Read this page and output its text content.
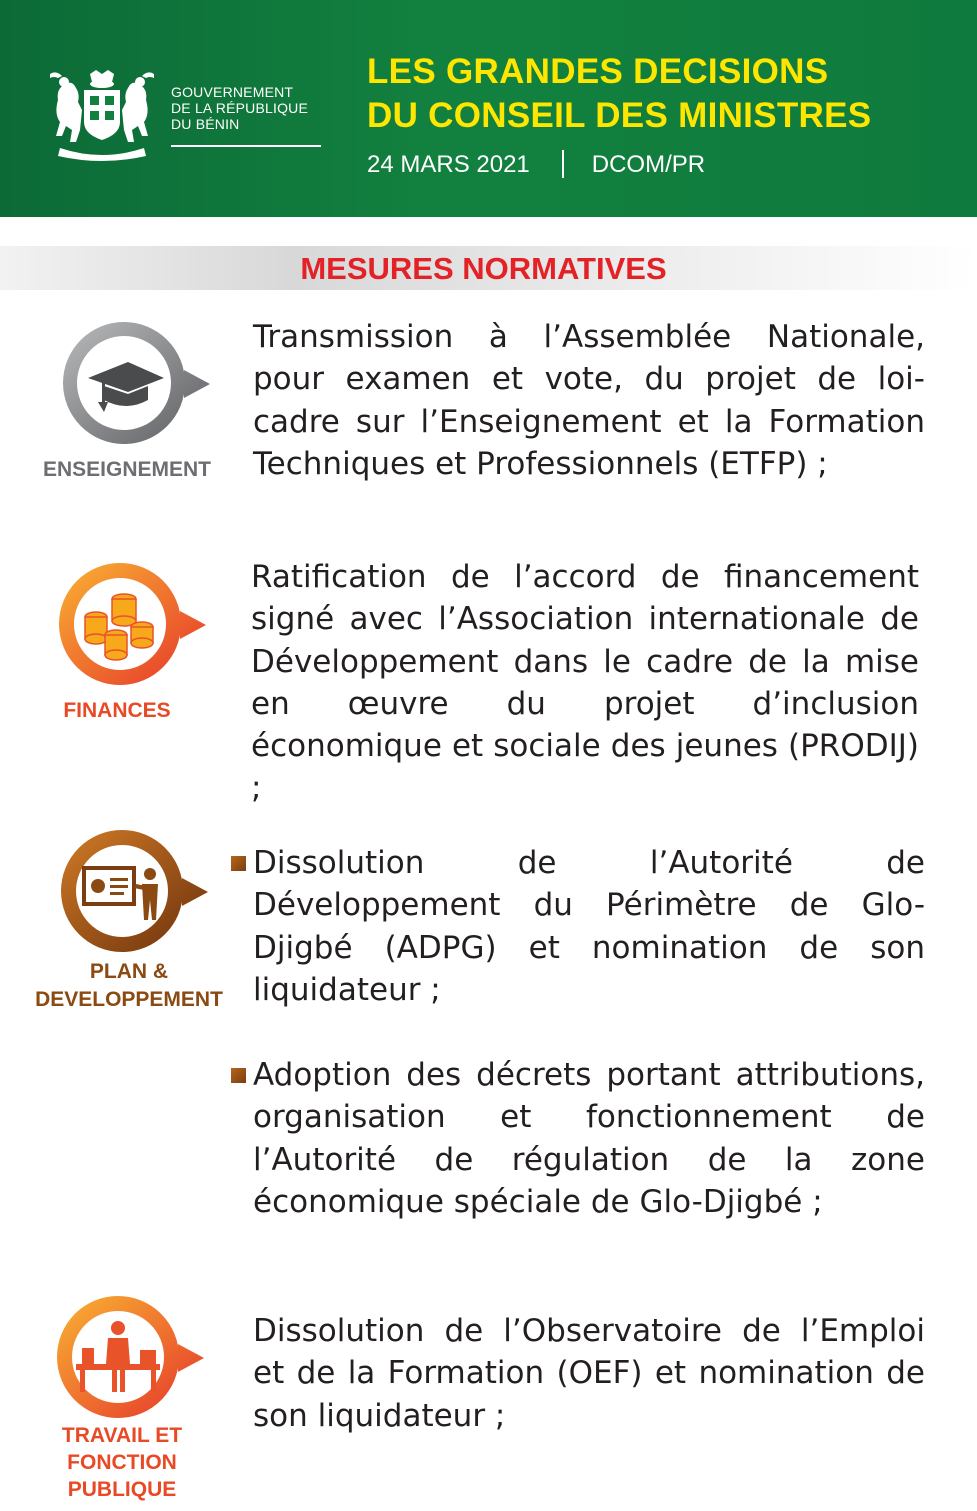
GOUVERNEMENT
DE LA RÉPUBLIQUE
DU BÉNIN
LES GRANDES DECISIONS
DU CONSEIL DES MINISTRES
24 MARS 2021	DCOM/PR
MESURES NORMATIVES
ENSEIGNEMENT
FINANCES
PLAN &
DEVELOPPEMENT
TRAVAIL ET
FONCTION
PUBLIQUE
Transmission à l’Assemblée Nationale, pour examen et vote, du projet de loi-cadre sur l’Enseignement et la Formation Techniques et Professionnels (ETFP) ;
Ratification de l’accord de financement signé avec l’Association internationale de Développement dans le cadre de la mise en œuvre du projet d’inclusion économique et sociale des jeunes (PRODIJ) ;
Dissolution de l’Autorité de Développement du Périmètre de Glo-Djigbé (ADPG) et nomination de son liquidateur ;
Adoption des décrets portant attributions, organisation et fonctionnement de l’Autorité de régulation de la zone économique spéciale de Glo-Djigbé ;
Dissolution de l’Observatoire de l’Emploi et de la Formation (OEF) et nomination de son liquidateur ;
